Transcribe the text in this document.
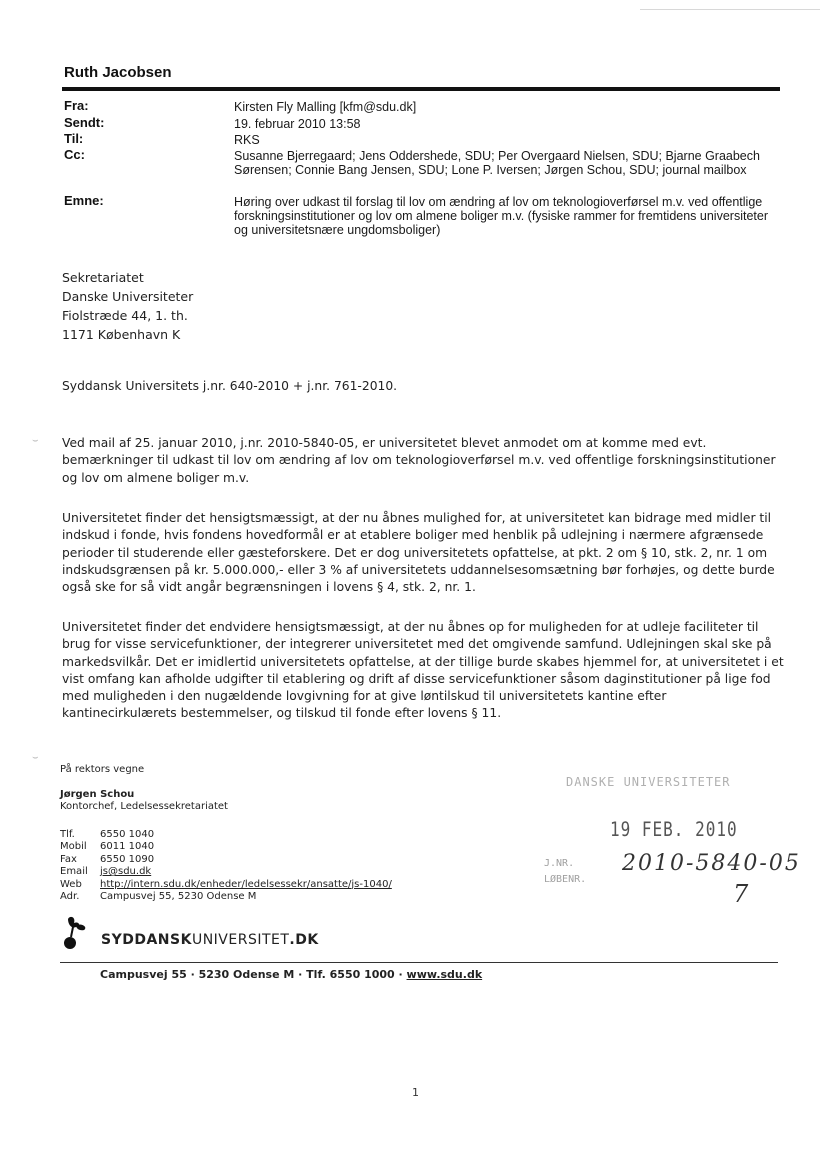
Ruth Jacobsen
Fra:	Kirsten Fly Malling [kfm@sdu.dk]
Sendt:	19. februar 2010 13:58
Til:	RKS
Cc:	Susanne Bjerregaard; Jens Oddershede, SDU; Per Overgaard Nielsen, SDU; Bjarne Graabech Sørensen; Connie Bang Jensen, SDU; Lone P. Iversen; Jørgen Schou, SDU; journal mailbox
Emne:	Høring over udkast til forslag til lov om ændring af lov om teknologioverførsel m.v. ved offentlige forskningsinstitutioner og lov om almene boliger m.v. (fysiske rammer for fremtidens universiteter og universitetsnære ungdomsboliger)
Sekretariatet
Danske Universiteter
Fiolstræde 44, 1. th.
1171 København K
Syddansk Universitets j.nr. 640-2010 + j.nr. 761-2010.
⌣
⌣
Ved mail af 25. januar 2010, j.nr. 2010-5840-05, er universitetet blevet anmodet om at komme med evt. bemærkninger til udkast til lov om ændring af lov om teknologioverførsel m.v. ved offentlige forskningsinstitutioner og lov om almene boliger m.v.
Universitetet finder det hensigtsmæssigt, at der nu åbnes mulighed for, at universitetet kan bidrage med midler til indskud i fonde, hvis fondens hovedformål er at etablere boliger med henblik på udlejning i nærmere afgrænsede perioder til studerende eller gæsteforskere. Det er dog universitetets opfattelse, at pkt. 2 om § 10, stk. 2, nr. 1 om indskudsgrænsen på kr. 5.000.000,- eller 3 % af universitetets uddannelsesomsætning bør forhøjes, og dette burde også ske for så vidt angår begrænsningen i lovens § 4, stk. 2, nr. 1.
Universitetet finder det endvidere hensigtsmæssigt, at der nu åbnes op for muligheden for at udleje faciliteter til brug for visse servicefunktioner, der integrerer universitetet med det omgivende samfund. Udlejningen skal ske på markedsvilkår. Det er imidlertid universitetets opfattelse, at der tillige burde skabes hjemmel for, at universitetet i et vist omfang kan afholde udgifter til etablering og drift af disse servicefunktioner såsom daginstitutioner på lige fod med muligheden i den nugældende lovgivning for at give løntilskud til universitetets kantine efter kantinecirkulærets bestemmelser, og tilskud til fonde efter lovens § 11.
På rektors vegne
Jørgen Schou
Kontorchef, Ledelsessekretariatet
Tlf.	6550 1040
Mobil	6011 1040
Fax	6550 1090
Email	js@sdu.dk
Web	http://intern.sdu.dk/enheder/ledelsessekr/ansatte/js-1040/
Adr.	Campusvej 55, 5230 Odense M
DANSKE UNIVERSITETER
19 FEB. 2010
J.NR.
LØBENR.
2010-5840-05
7
SYDDANSKUNIVERSITET.DK
Campusvej 55 · 5230 Odense M · Tlf. 6550 1000 · www.sdu.dk
1
